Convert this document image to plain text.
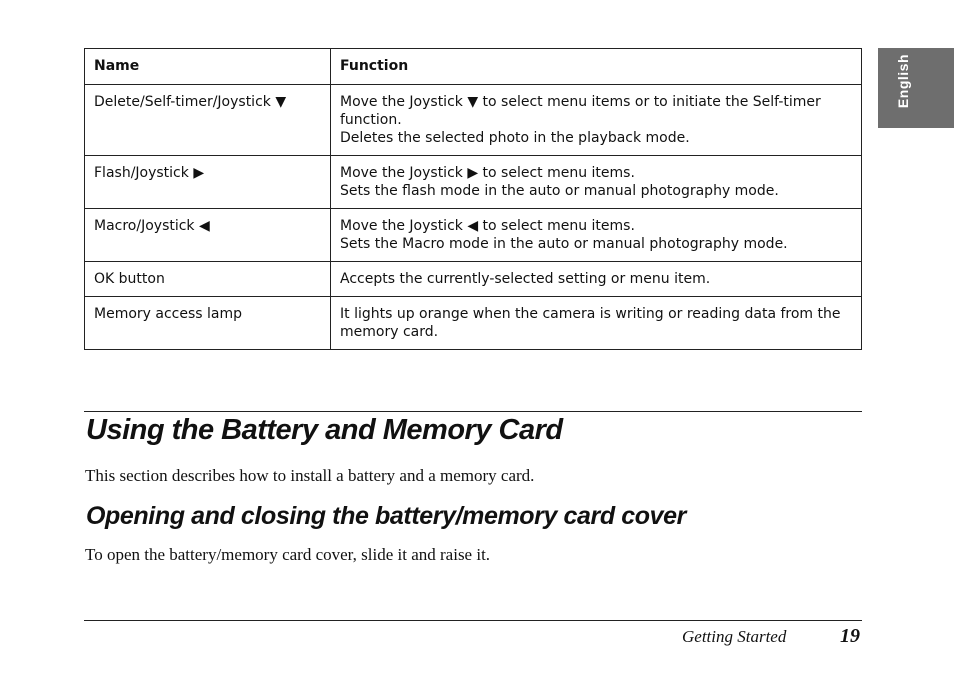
English
Name	Function
Delete/Self-timer/Joystick ▼	Move the Joystick ▼ to select menu items or to initiate the Self-timer function.
Deletes the selected photo in the playback mode.

Flash/Joystick ▶	Move the Joystick ▶ to select menu items.
Sets the flash mode in the auto or manual photography mode.

Macro/Joystick ◀	Move the Joystick ◀ to select menu items.
Sets the Macro mode in the auto or manual photography mode.

OK button	Accepts the currently-selected setting or menu item.

Memory access lamp	It lights up orange when the camera is writing or reading data from the memory card.
Using the Battery and Memory Card

This section describes how to install a battery and a memory card.

Opening and closing the battery/memory card cover

To open the battery/memory card cover, slide it and raise it.

Getting Started	19
